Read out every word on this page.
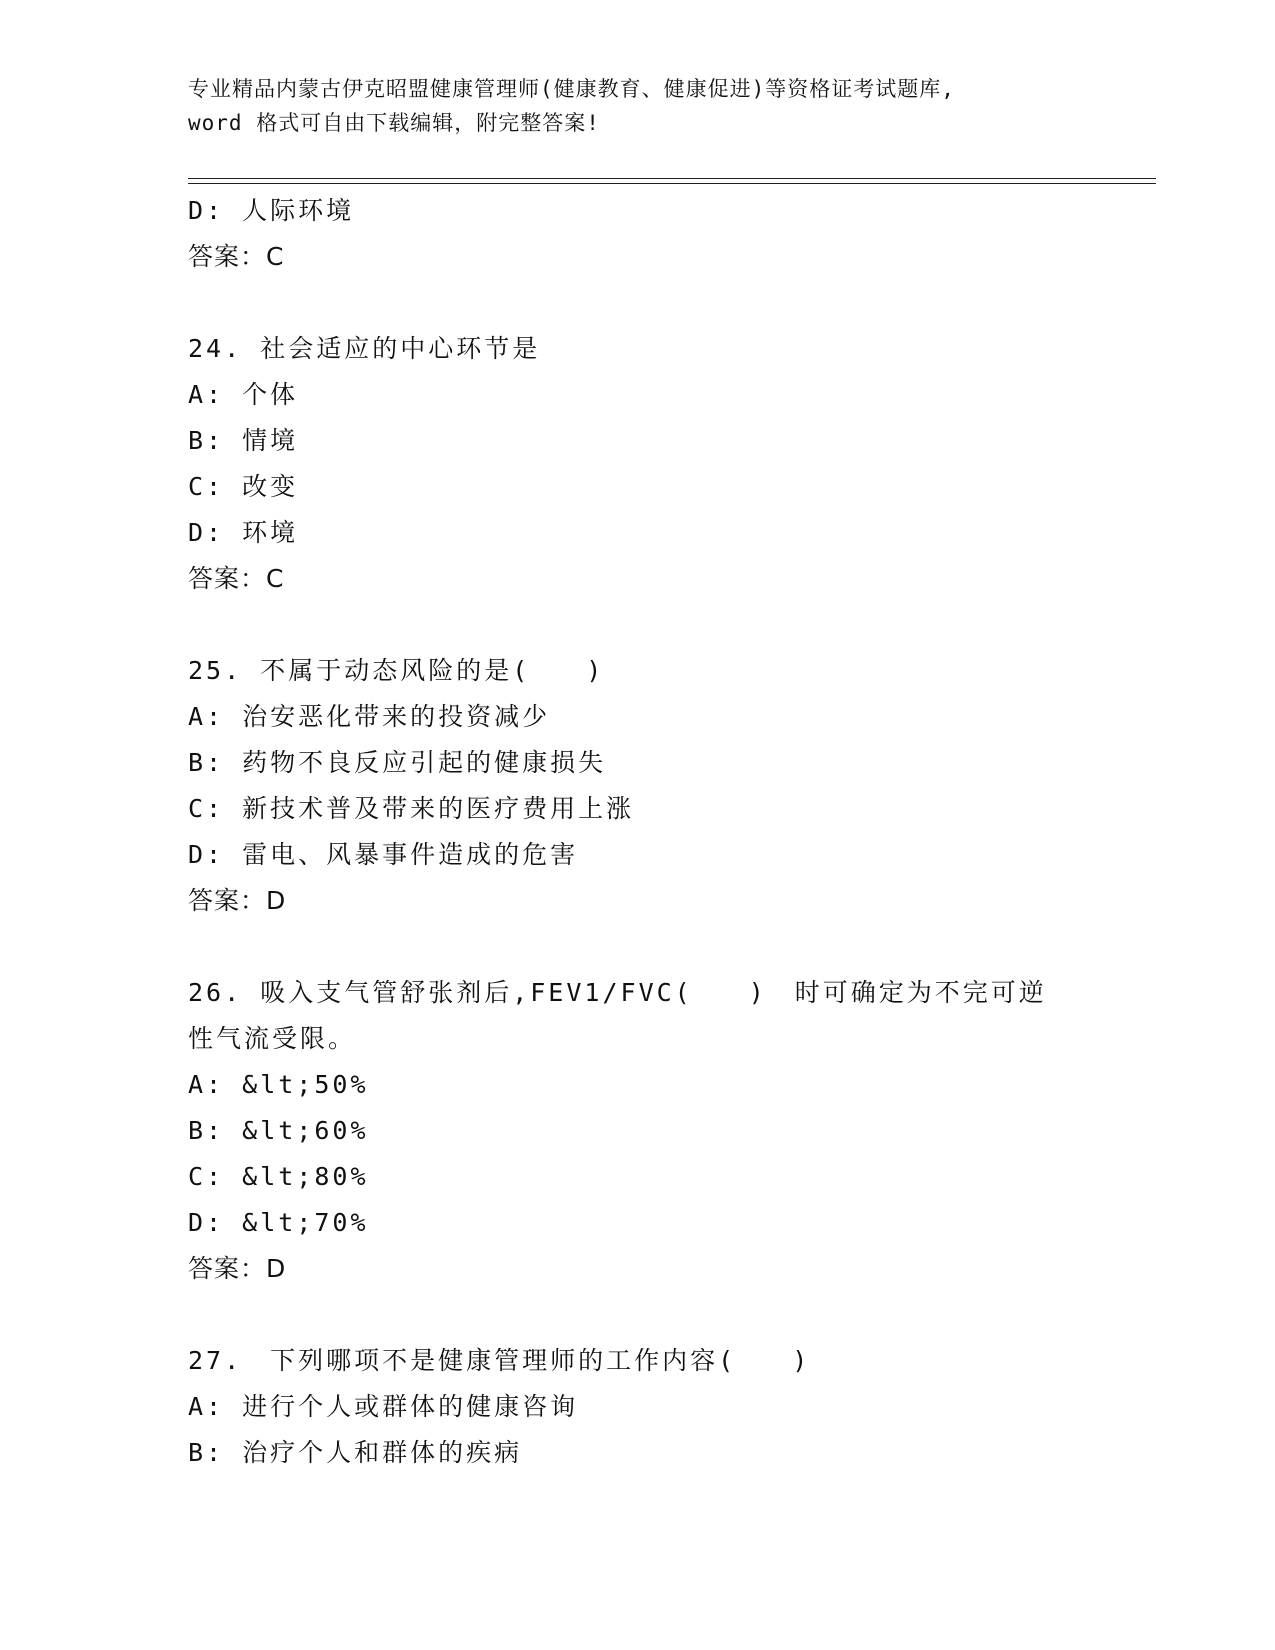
专业精品内蒙古伊克昭盟健康管理师(健康教育、健康促进)等资格证考试题库,
word 格式可自由下载编辑，附完整答案!
D: 人际环境
答案：C
24. 社会适应的中心环节是
A: 个体
B: 情境
C: 改变
D: 环境
答案：C
25. 不属于动态风险的是(　　)
A: 治安恶化带来的投资减少
B: 药物不良反应引起的健康损失
C: 新技术普及带来的医疗费用上涨
D: 雷电、风暴事件造成的危害
答案：D
26. 吸入支气管舒张剂后,FEV1/FVC(　　)　时可确定为不完可逆性气流受限。
A: &lt;50%
B: &lt;60%
C: &lt;80%
D: &lt;70%
答案：D
27.　下列哪项不是健康管理师的工作内容(　　)
A: 进行个人或群体的健康咨询
B: 治疗个人和群体的疾病
